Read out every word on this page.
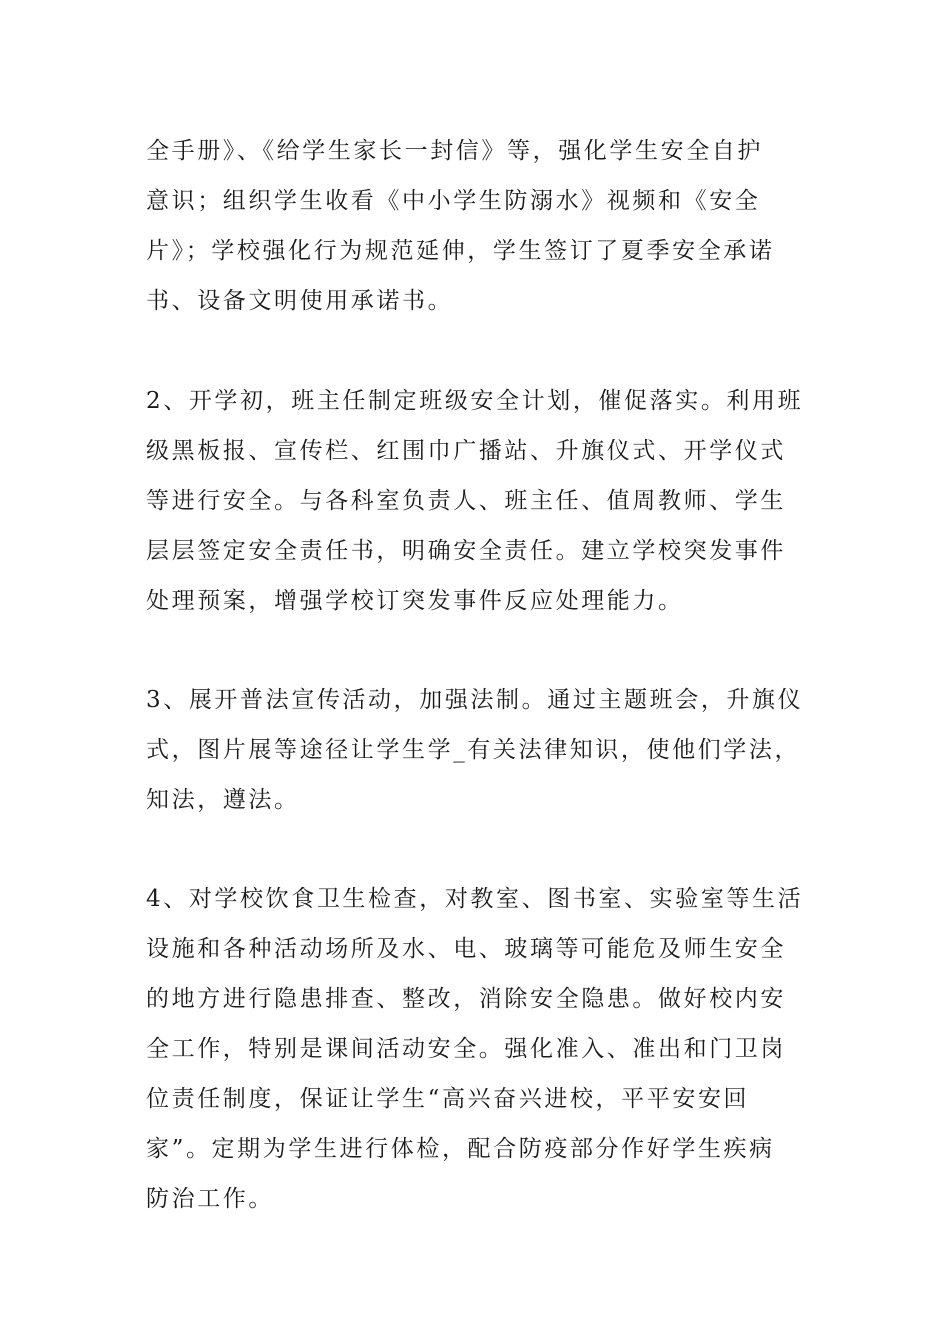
全手册》、《给学生家长一封信》等，强化学生安全自护
意识；组织学生收看《中小学生防溺水》视频和《安全
片》；学校强化行为规范延伸，学生签订了夏季安全承诺
书、设备文明使用承诺书。
2、开学初，班主任制定班级安全计划，催促落实。利用班
级黑板报、宣传栏、红围巾广播站、升旗仪式、开学仪式
等进行安全。与各科室负责人、班主任、值周教师、学生
层层签定安全责任书，明确安全责任。建立学校突发事件
处理预案，增强学校订突发事件反应处理能力。
3、展开普法宣传活动，加强法制。通过主题班会，升旗仪
式，图片展等途径让学生学_有关法律知识，使他们学法，
知法，遵法。
4、对学校饮食卫生检查，对教室、图书室、实验室等生活
设施和各种活动场所及水、电、玻璃等可能危及师生安全
的地方进行隐患排查、整改，消除安全隐患。做好校内安
全工作，特别是课间活动安全。强化准入、准出和门卫岗
位责任制度，保证让学生“高兴奋兴进校，平平安安回
家”。定期为学生进行体检，配合防疫部分作好学生疾病
防治工作。
